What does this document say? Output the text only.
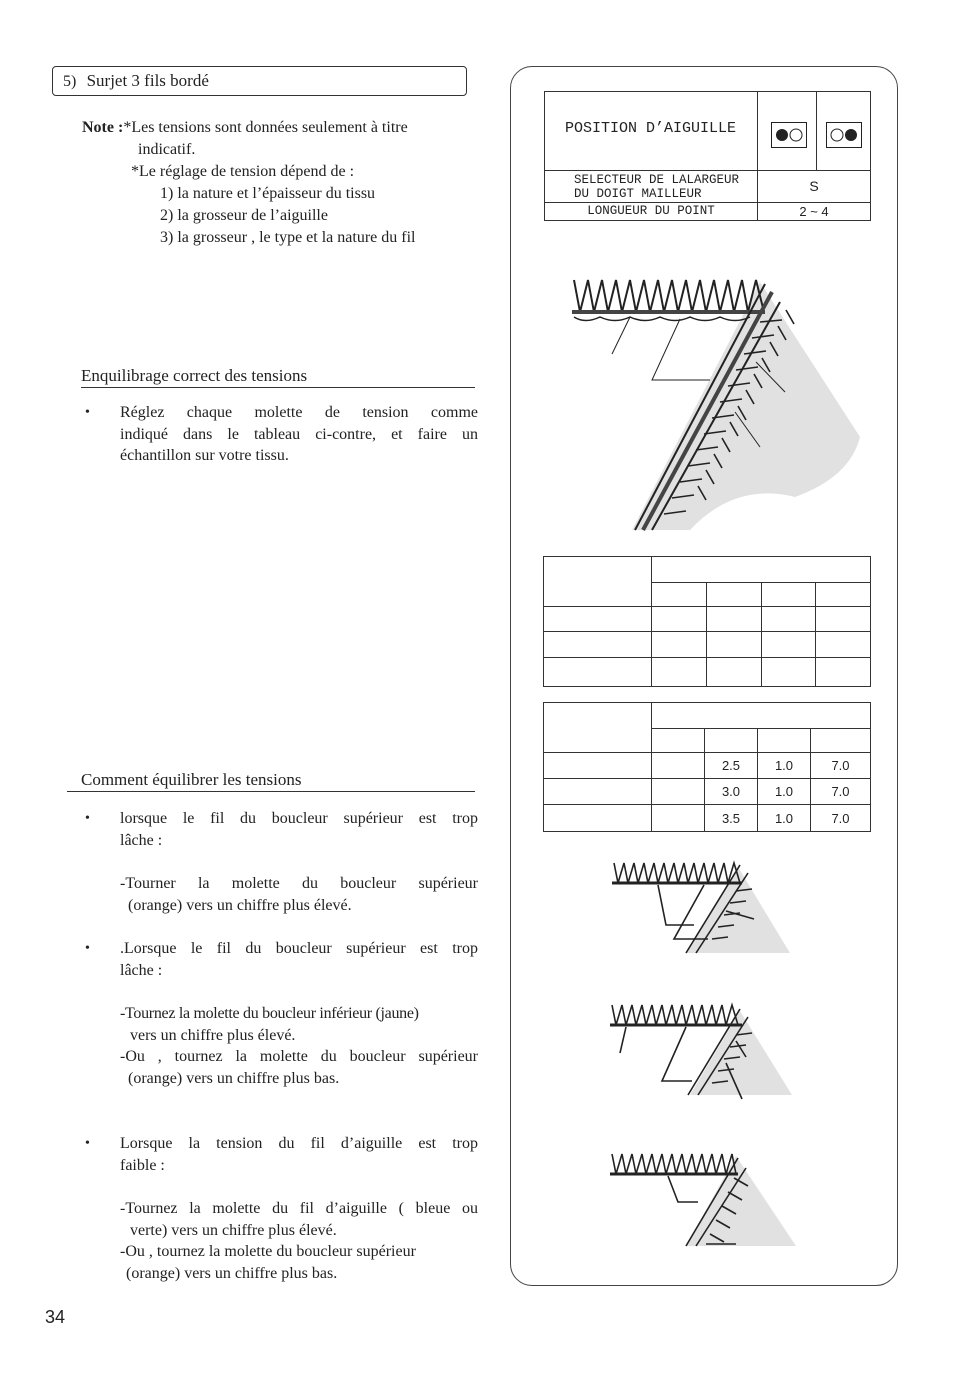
5) Surjet 3 fils bordé
Note :*Les tensions sont données seulement à titre
indicatif.
*Le réglage de tension dépend de :
1) la nature et l’épaisseur du tissu
2) la grosseur de l’aiguille
3) la grosseur , le type et la nature du fil
Enquilibrage correct des tensions
• Réglez chaque molette de tension comme
indiqué dans le tableau ci-contre, et faire un
échantillon sur votre tissu.
Comment équilibrer les tensions
• lorsque le fil du boucleur supérieur est trop
lâche :
-Tourner la molette du boucleur supérieur
(orange) vers un chiffre plus élevé.
• .Lorsque le fil du boucleur supérieur est trop
lâche :
-Tournez la molette du boucleur inférieur (jaune)
vers un chiffre plus élevé.
-Ou , tournez la molette du boucleur supérieur
(orange) vers un chiffre plus bas.
• Lorsque la tension du fil d’aiguille est trop
faible :
-Tournez la molette du fil d’aiguille ( bleue ou
verte) vers un chiffre plus élevé.
-Ou , tournez la molette du boucleur supérieur
(orange) vers un chiffre plus bas.
34
POSITION D’AIGUILLE
SELECTEUR DE LALARGEUR
DU DOIGT MAILLEUR	S
LONGUEUR DU POINT	2 ~ 4

		2.5	1.0	7.0
		3.0	1.0	7.0
		3.5	1.0	7.0
